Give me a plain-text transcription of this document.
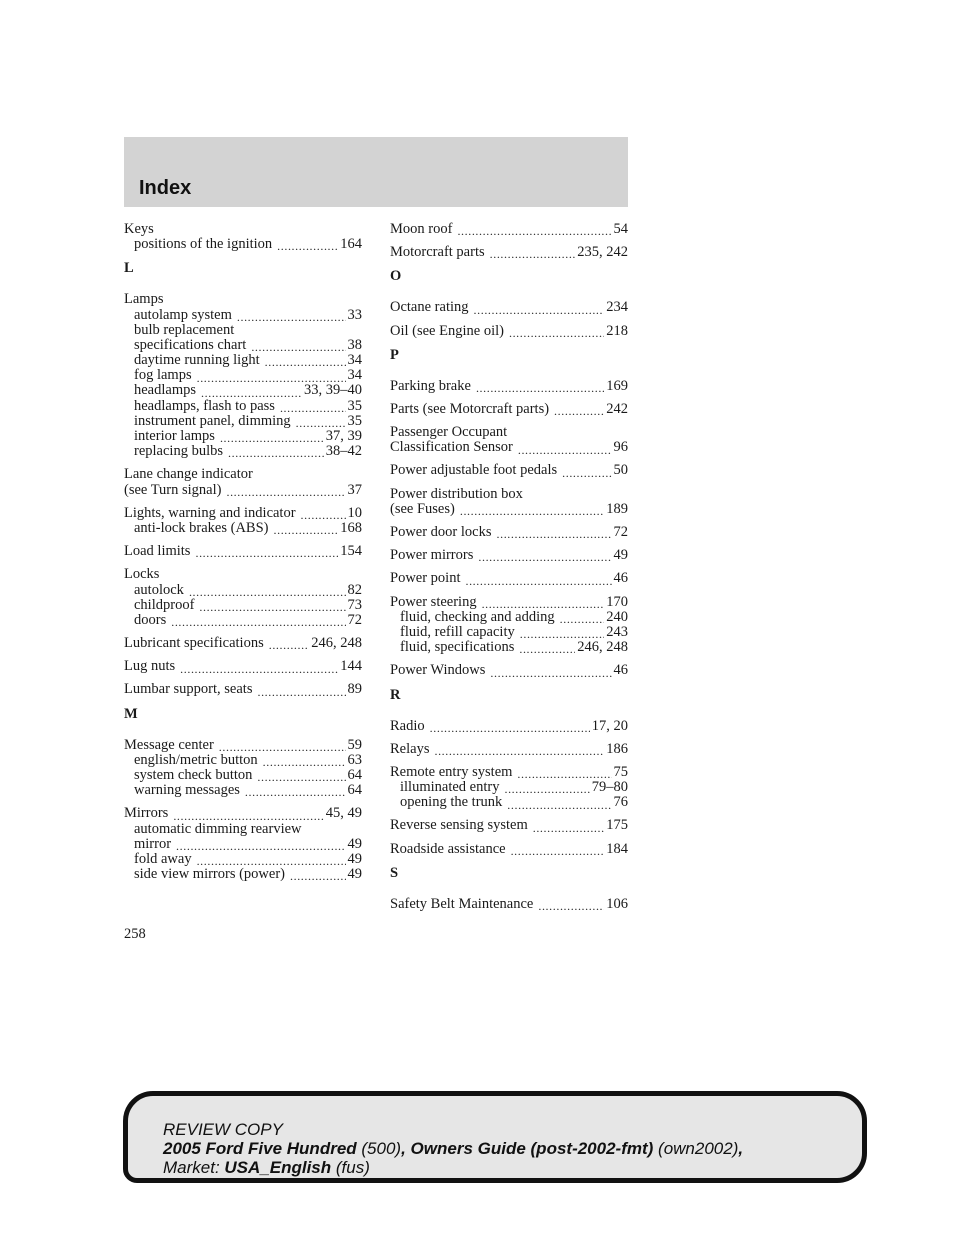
Index
Keys
positions of the ignition .....	164
L
Lamps
autolamp system .....	33
bulb replacement
specifications chart .....	38
daytime running light .....	34
fog lamps .....	34
headlamps .....	33, 39–40
headlamps, flash to pass .....	35
instrument panel, dimming .....	35
interior lamps .....	37, 39
replacing bulbs .....	38–42
Lane change indicator
(see Turn signal) .....	37
Lights, warning and indicator .....	10
anti-lock brakes (ABS) .....	168
Load limits .....	154
Locks
autolock .....	82
childproof .....	73
doors .....	72
Lubricant specifications .....	246, 248
Lug nuts .....	144
Lumbar support, seats .....	89
M
Message center .....	59
english/metric button .....	63
system check button .....	64
warning messages .....	64
Mirrors .....	45, 49
automatic dimming rearview
mirror .....	49
fold away .....	49
side view mirrors (power) .....	49
Moon roof .....	54
Motorcraft parts .....	235, 242
O
Octane rating .....	234
Oil (see Engine oil) .....	218
P
Parking brake .....	169
Parts (see Motorcraft parts) .....	242
Passenger Occupant
Classification Sensor .....	96
Power adjustable foot pedals .....	50
Power distribution box
(see Fuses) .....	189
Power door locks .....	72
Power mirrors .....	49
Power point .....	46
Power steering .....	170
fluid, checking and adding .....	240
fluid, refill capacity .....	243
fluid, specifications .....	246, 248
Power Windows .....	46
R
Radio .....	17, 20
Relays .....	186
Remote entry system .....	75
illuminated entry .....	79–80
opening the trunk .....	76
Reverse sensing system .....	175
Roadside assistance .....	184
S
Safety Belt Maintenance .....	106
258
REVIEW COPY
2005 Ford Five Hundred (500), Owners Guide (post-2002-fmt) (own2002),
Market: USA_English (fus)
